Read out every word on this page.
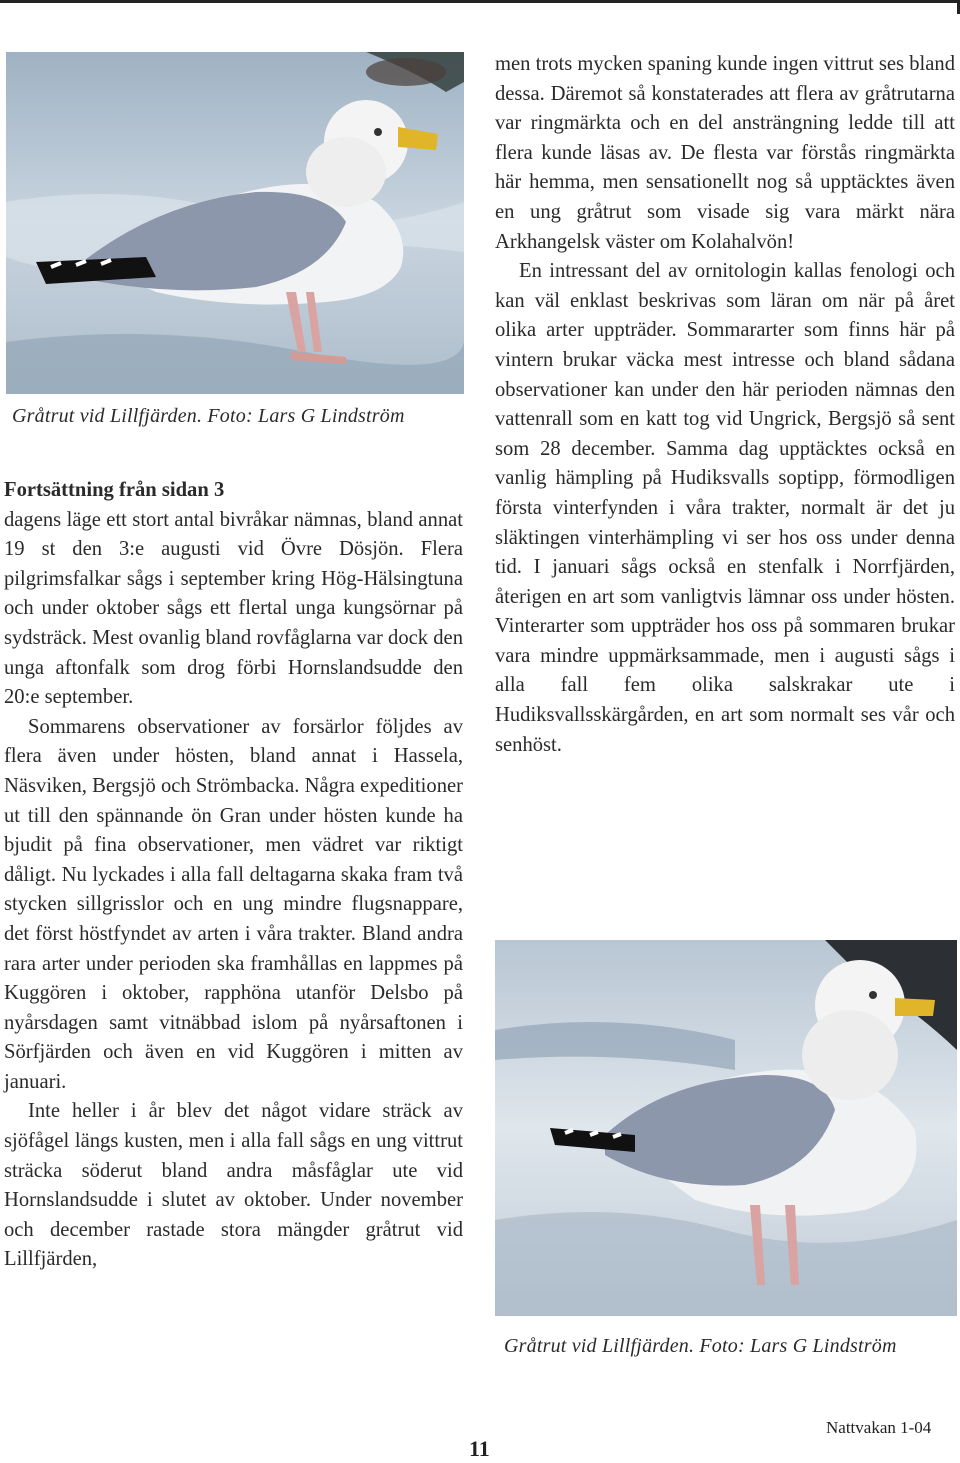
Gråtrut vid Lillfjärden. Foto: Lars G Lindström

Fortsättning från sidan 3

dagens läge ett stort antal bivråkar nämnas, bland annat 19 st den 3:e augusti vid Övre Dösjön. Flera pilgrimsfalkar sågs i september kring Hög-Hälsingtuna och under oktober sågs ett flertal unga kungsörnar på sydsträck. Mest ovanlig bland rovfåglarna var dock den unga aftonfalk som drog förbi Hornslandsudde den 20:e september.

Sommarens observationer av forsärlor följdes av flera även under hösten, bland annat i Hassela, Näsviken, Bergsjö och Strömbacka. Några expeditioner ut till den spännande ön Gran under hösten kunde ha bjudit på fina observationer, men vädret var riktigt dåligt. Nu lyckades i alla fall deltagarna skaka fram två stycken sillgrisslor och en ung mindre flugsnappare, det först höstfyndet av arten i våra trakter. Bland andra rara arter under perioden ska framhållas en lappmes på Kuggören i oktober, rapphöna utanför Delsbo på nyårsdagen samt vitnäbbad islom på nyårsaftonen i Sörfjärden och även en vid Kuggören i mitten av januari.

Inte heller i år blev det något vidare sträck av sjöfågel längs kusten, men i alla fall sågs en ung vittrut sträcka söderut bland andra måsfåglar ute vid Hornslandsudde i slutet av oktober. Under november och december rastade stora mängder gråtrut vid Lillfjärden,

men trots mycken spaning kunde ingen vittrut ses bland dessa. Däremot så konstaterades att flera av gråtrutarna var ringmärkta och en del ansträngning ledde till att flera kunde läsas av. De flesta var förstås ringmärkta här hemma, men sensationellt nog så upptäcktes även en ung gråtrut som visade sig vara märkt nära Arkhangelsk väster om Kolahalvön!

En intressant del av ornitologin kallas fenologi och kan väl enklast beskrivas som läran om när på året olika arter uppträder. Sommararter som finns här på vintern brukar väcka mest intresse och bland sådana observationer kan under den här perioden nämnas den vattenrall som en katt tog vid Ungrick, Bergsjö så sent som 28 december. Samma dag upptäcktes också en vanlig hämpling på Hudiksvalls soptipp, förmodligen första vinterfynden i våra trakter, normalt är det ju släktingen vinterhämpling vi ser hos oss under denna tid. I januari sågs också en stenfalk i Norrfjärden, återigen en art som vanligtvis lämnar oss under hösten. Vinterarter som uppträder hos oss på sommaren brukar vara mindre uppmärksammade, men i augusti sågs i alla fall fem olika salskrakar ute i Hudiksvallsskärgården, en art som normalt ses vår och senhöst.

Gråtrut vid Lillfjärden. Foto: Lars G Lindström
11
Nattvakan 1-04
